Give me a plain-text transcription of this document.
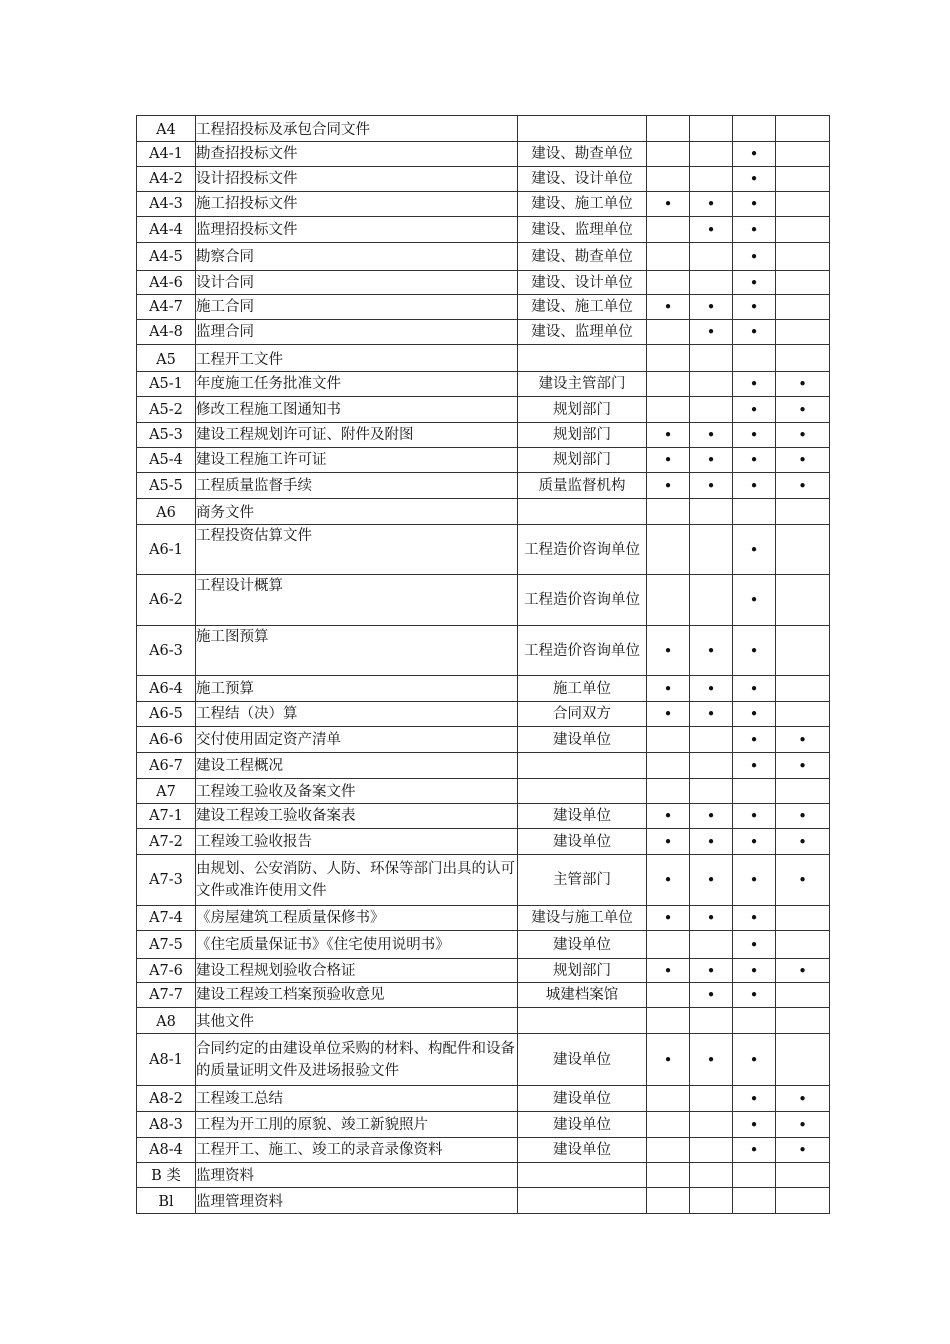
A4	工程招投标及承包合同文件					
A4-1	勘查招投标文件	建设、勘查单位			•	
A4-2	设计招投标文件	建设、设计单位			•	
A4-3	施工招投标文件	建设、施工单位	•	•	•	
A4-4	监理招投标文件	建设、监理单位		•	•	
A4-5	勘察合同	建设、勘查单位			•	
A4-6	设计合同	建设、设计单位			•	
A4-7	施工合同	建设、施工单位	•	•	•	
A4-8	监理合同	建设、监理单位		•	•	
A5	工程开工文件					
A5-1	年度施工任务批准文件	建设主管部门			•	•
A5-2	修改工程施工图通知书	规划部门			•	•
A5-3	建设工程规划许可证、附件及附图	规划部门	•	•	•	•
A5-4	建设工程施工许可证	规划部门	•	•	•	•
A5-5	工程质量监督手续	质量监督机构	•	•	•	•
A6	商务文件					
A6-1	工程投资估算文件	工程造价咨询单位			•	
A6-2	工程设计概算	工程造价咨询单位			•	
A6-3	施工图预算	工程造价咨询单位	•	•	•	
A6-4	施工预算	施工单位	•	•	•	
A6-5	工程结（决）算	合同双方	•	•	•	
A6-6	交付使用固定资产清单	建设单位			•	•
A6-7	建设工程概况				•	•
A7	工程竣工验收及备案文件					
A7-1	建设工程竣工验收备案表	建设单位	•	•	•	•
A7-2	工程竣工验收报告	建设单位	•	•	•	•
A7-3	由规划、公安消防、人防、环保等部门出具的认可文件或准许使用文件	主管部门	•	•	•	•
A7-4	《房屋建筑工程质量保修书》	建设与施工单位	•	•	•	
A7-5	《住宅质量保证书》《住宅使用说明书》	建设单位			•	
A7-6	建设工程规划验收合格证	规划部门	•	•	•	•
A7-7	建设工程竣工档案预验收意见	城建档案馆		•	•	
A8	其他文件					
A8-1	合同约定的由建设单位采购的材料、构配件和设备的质量证明文件及进场报验文件	建设单位	•	•	•	
A8-2	工程竣工总结	建设单位			•	•
A8-3	工程为开工刖的原貌、竣工新貌照片	建设单位			•	•
A8-4	工程开工、施工、竣工的录音录像资料	建设单位			•	•
B 类	监理资料					
Bl	监理管理资料					
